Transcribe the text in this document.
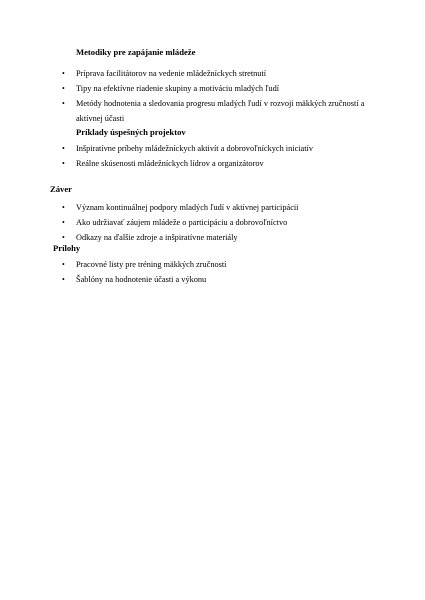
Metodiky pre zapájanie mládeže
• Príprava facilitátorov na vedenie mládežníckych stretnutí
• Tipy na efektívne riadenie skupiny a motiváciu mladých ľudí
• Metódy hodnotenia a sledovania progresu mladých ľudí v rozvoji mäkkých zručností a aktívnej účasti
Príklady úspešných projektov
• Inšpiratívne príbehy mládežníckych aktivít a dobrovoľníckych iniciatív
• Reálne skúsenosti mládežníckych lídrov a organizátorov
Záver
• Význam kontinuálnej podpory mladých ľudí v aktívnej participácii
• Ako udržiavať záujem mládeže o participáciu a dobrovoľníctvo
• Odkazy na ďalšie zdroje a inšpiratívne materiály
Prílohy
• Pracovné listy pre tréning mäkkých zručností
• Šablóny na hodnotenie účasti a výkonu
